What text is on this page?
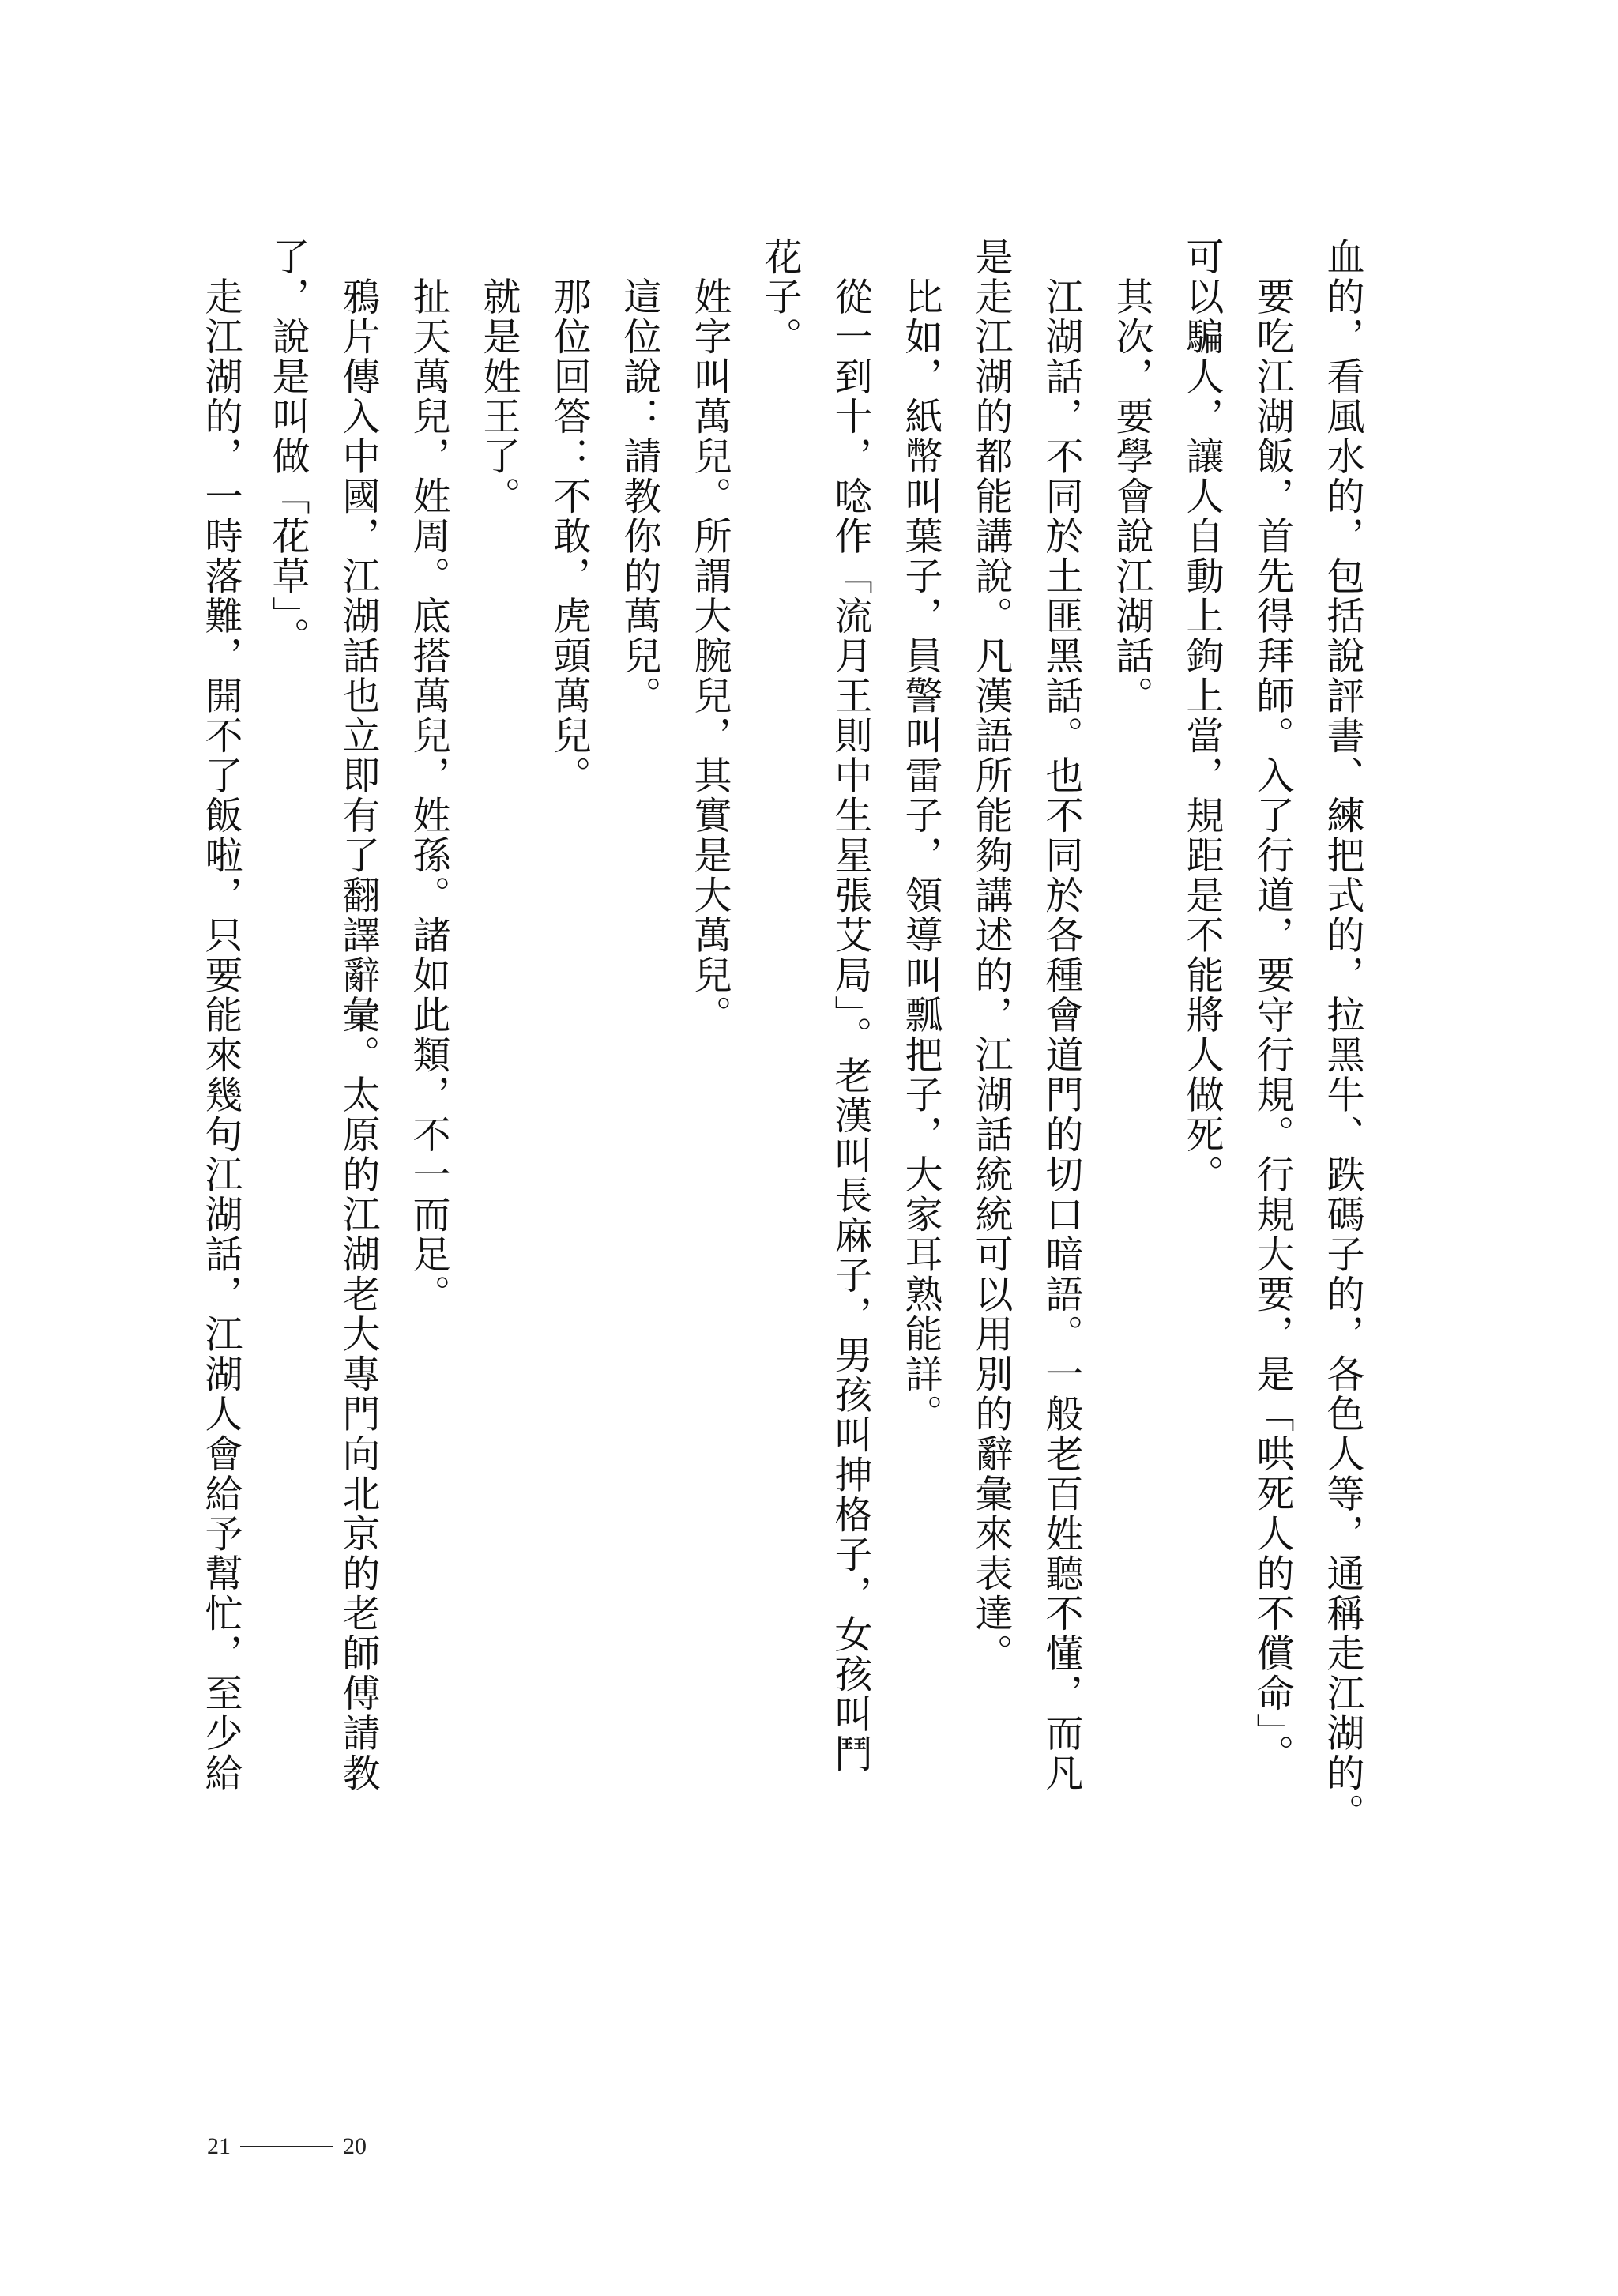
血的，看風水的，包括說評書、練把式的，拉黑牛、跌碼子的，各色人等，通稱走江湖的。
　要吃江湖飯，首先得拜師。入了行道，要守行規。行規大要，是「哄死人的不償命」。
可以騙人，讓人自動上鉤上當，規距是不能將人做死。
　其次，要學會說江湖話。
　江湖話，不同於土匪黑話。也不同於各種會道門的切口暗語。一般老百姓聽不懂，而凡
是走江湖的都能講說。凡漢語所能夠講述的，江湖話統統可以用別的辭彙來表達。
　比如，紙幣叫葉子，員警叫雷子，領導叫瓢把子，大家耳熟能詳。
　從一到十，唸作「流月王則中生星張艾局」。老漢叫長麻子，男孩叫抻格子，女孩叫鬥
花子。
　姓字叫萬兒。所謂大腕兒，其實是大萬兒。
　這位說：請教你的萬兒。
　那位回答：不敢，虎頭萬兒。
　就是姓王了。
　扯天萬兒，姓周。底搭萬兒，姓孫。諸如此類，不一而足。
　鴉片傳入中國，江湖話也立即有了翻譯辭彙。太原的江湖老大專門向北京的老師傅請教
了，說是叫做「花草」。
　走江湖的，一時落難，開不了飯啦，只要能來幾句江湖話，江湖人會給予幫忙，至少給
21	20
